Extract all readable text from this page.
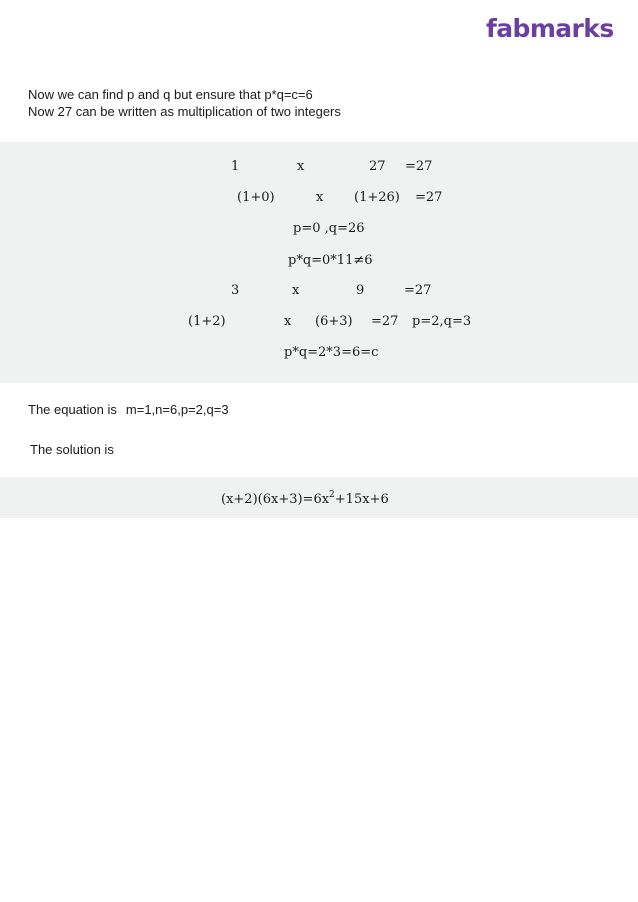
fabmarks
Now we can find p and q but ensure that p*q=c=6
Now 27 can be written as multiplication of two integers
1	x	27 =27
(1+0)	x (1+26) =27
p=0 ,q=26
p*q=0*11≠6
3	x	9	=27
(1+2)	x (6+3) =27 p=2,q=3
p*q=2*3=6=c
The equation is m=1,n=6,p=2,q=3
The solution is
$(x+2)(6x+3)=6x^2+15x+6$
